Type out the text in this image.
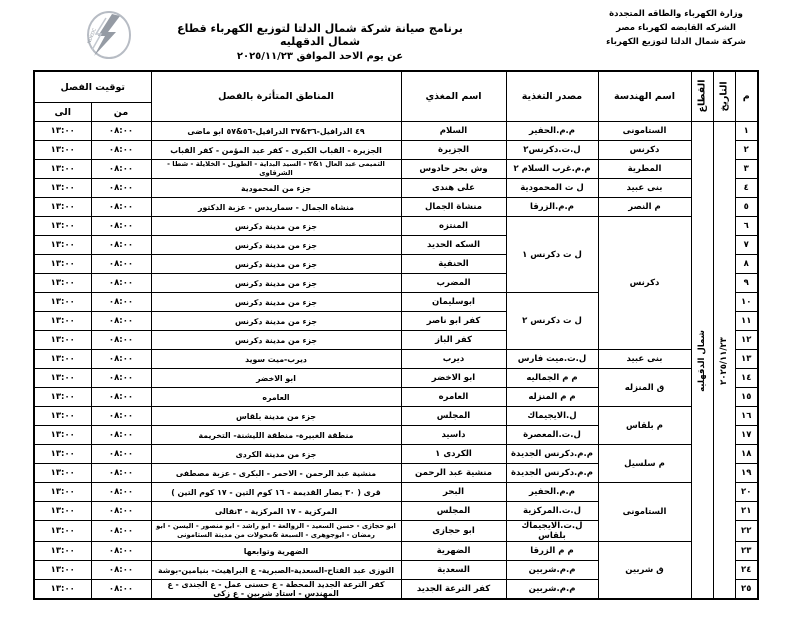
وزارة الكهرباء والطاقه المتجددة
الشركه القابضه لكهرباء مصر
شركة شمال الدلتا لتوزيع الكهرباء
برنامج صيانة شركة شمال الدلتا لتوزيع الكهرباء قطاع شمال الدقهليه
عن يوم الاحد الموافق ٢٠٢٥/١١/٢٣
NDEDC
م	التاريخ	القطاع	اسم الهندسة	مصدر التغذية	اسم المغذي	المناطق المتأثرة بالفصل	توقيت الفصل	
							من	الى
١	٢٠٢٥/١١/٢٣	شمال الدقهليه	الستامونى	م.م.الحفير	السلام	٤٩ الدرافيل-٣٦&٣٧ الدرافيل-٥٦&٥٧ ابو ماضى	٠٨:٠٠	١٣:٠٠
٢			دكرنس	ل.ت.دكرنس٢	الجزيرة	الجزيرة - القباب الكبرى - كفر عبد المؤمن - كفر القباب	٠٨:٠٠	١٣:٠٠
٣			المطرية	م.م.غرب السلام ٢	وش بحر حادوس	التميمى عبد العال ١&٢ - السيد البداية - الطويل - الخلايلة - شطا - الشرقاوى	٠٨:٠٠	١٣:٠٠
٤			بنى عبيد	ل ت المحمودية	على هندى	جزء من المحمودية	٠٨:٠٠	١٣:٠٠
٥			م النصر	م.م.الزرقا	منشاة الجمال	منشاة الجمال - سماريدس - عزبة الدكتور	٠٨:٠٠	١٣:٠٠
٦			دكرنس	ل ت دكرنس ١	المنتزه	جزء من مدينة دكرنس	٠٨:٠٠	١٣:٠٠
٧					السكه الحديد	جزء من مدينة دكرنس	٠٨:٠٠	١٣:٠٠
٨					الحنفية	جزء من مدينة دكرنس	٠٨:٠٠	١٣:٠٠
٩					المضرب	جزء من مدينة دكرنس	٠٨:٠٠	١٣:٠٠
١٠				ل ت دكرنس ٢	ابوسليمان	جزء من مدينة دكرنس	٠٨:٠٠	١٣:٠٠
١١					كفر ابو ناصر	جزء من مدينة دكرنس	٠٨:٠٠	١٣:٠٠
١٢					كفر الباز	جزء من مدينة دكرنس	٠٨:٠٠	١٣:٠٠
١٣			بنى عبيد	ل.ت.ميت فارس	ديرب	ديرب-ميت سويد	٠٨:٠٠	١٣:٠٠
١٤			ق المنزله	م م الجماليه	ابو الاخضر	ابو الاخضر	٠٨:٠٠	١٣:٠٠
١٥				م م المنزله	العامره	العامره	٠٨:٠٠	١٣:٠٠
١٦			م بلقاس	ل.الايجيماك	المجلس	جزء من مدينة بلقاس	٠٨:٠٠	١٣:٠٠
١٧				ل.ت.المعصرة	داسيد	منطقة الغبيرة- منطقة الليشنة- التخريمة	٠٨:٠٠	١٣:٠٠
١٨			م سلسيل	م.م.دكرنس الجديدة	الكردى ١	جزء من مدينة الكردى	٠٨:٠٠	١٣:٠٠
١٩				م.م.دكرنس الجديدة	منشية عبد الرحمن	منشية عبد الرحمن - الاحمر - البكرى - عزبة مصطفى	٠٨:٠٠	١٣:٠٠
٢٠			الستامونى	م.م.الحفير	البحر	قرى ( ٣٠ بصار القديمة - ١٦ كوم التين - ١٧ كوم التين )	٠٨:٠٠	١٣:٠٠
٢١				ل.ت.المركزية	المجلس	المركزية - ١٧ المركزية - ٣نقالى	٠٨:٠٠	١٣:٠٠
٢٢				ل.ت.الايجيماك بلقاس	ابو حجازى	ابو حجازى - حسن السعيد - الزوالعة - ابو راشد - ابو منصور - اليسن - ابو رمضان - ابوجوهرى - السبعة &محولات من مدينة الستامونى	٠٨:٠٠	١٣:٠٠
٢٣			ق شربين	م م الزرقا	الضهرية	الضهرية وتوابعها	٠٨:٠٠	١٣:٠٠
٢٤				م.م.شربين	السعدية	التوزى عبد الفتاح-السعدية-الصبرية- ع البراهيث- بنيامين-بوشة	٠٨:٠٠	١٣:٠٠
٢٥				م.م.شربين	كفر الترعة الجديد	كفر الترعة الجديد المحطة - ع حسنى عمل - ع الجندى - ع المهندس - استاد شربين - ع زكى	٠٨:٠٠	١٣:٠٠
